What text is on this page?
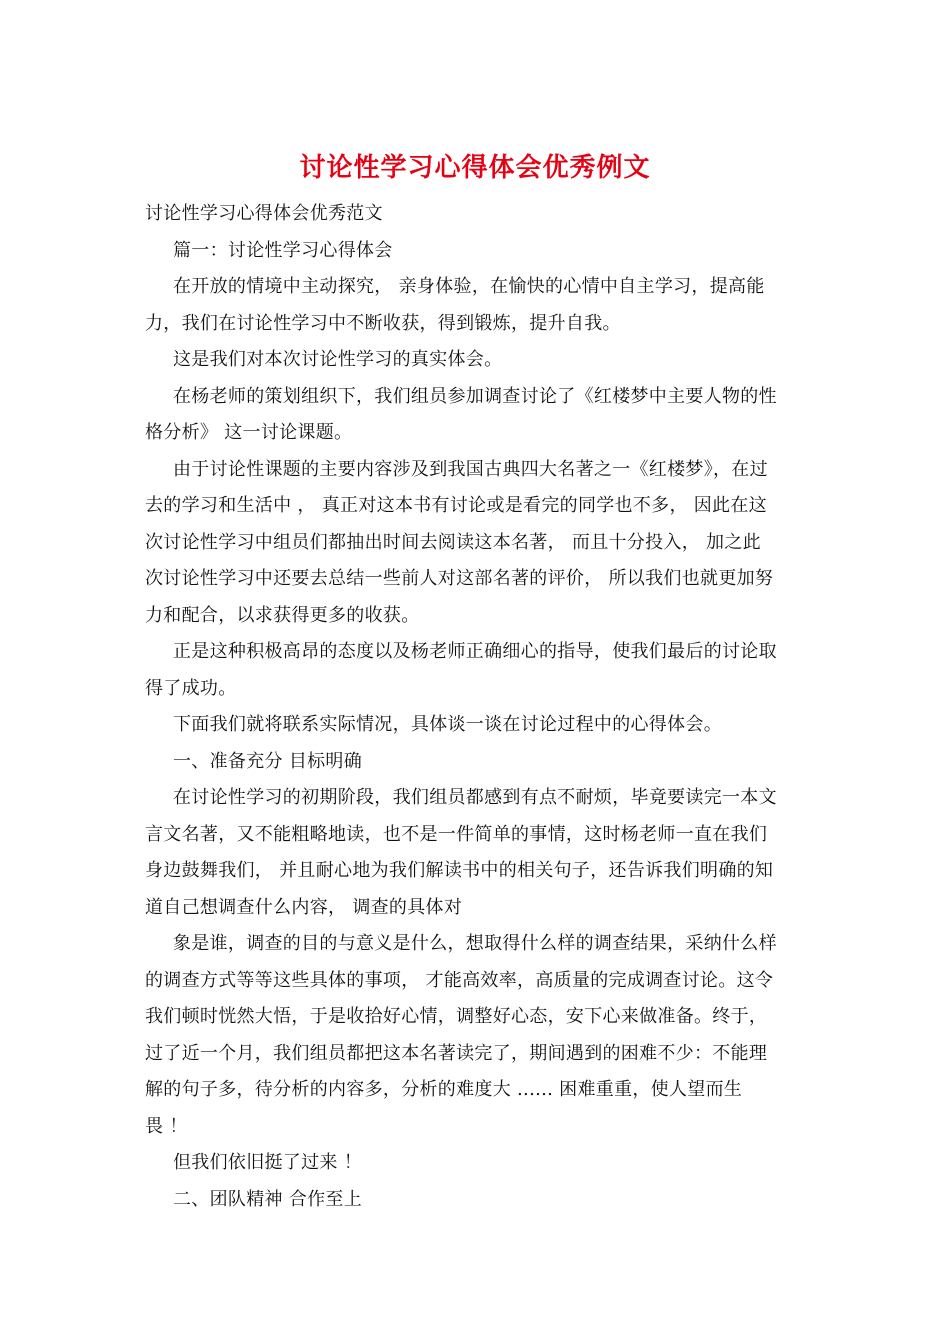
讨论性学习心得体会优秀例文
讨论性学习心得体会优秀范文
篇一：讨论性学习心得体会
在开放的情境中主动探究， 亲身体验，在愉快的心情中自主学习，提高能
力，我们在讨论性学习中不断收获，得到锻炼，提升自我。
这是我们对本次讨论性学习的真实体会。
在杨老师的策划组织下，我们组员参加调查讨论了《红楼梦中主要人物的性
格分析》 这一讨论课题。
由于讨论性课题的主要内容涉及到我国古典四大名著之一《红楼梦》，在过
去的学习和生活中 ， 真正对这本书有讨论或是看完的同学也不多， 因此在这
次讨论性学习中组员们都抽出时间去阅读这本名著， 而且十分投入， 加之此
次讨论性学习中还要去总结一些前人对这部名著的评价， 所以我们也就更加努
力和配合，以求获得更多的收获。
正是这种积极高昂的态度以及杨老师正确细心的指导，使我们最后的讨论取
得了成功。
下面我们就将联系实际情况，具体谈一谈在讨论过程中的心得体会。
一、准备充分 目标明确
在讨论性学习的初期阶段，我们组员都感到有点不耐烦，毕竟要读完一本文
言文名著，又不能粗略地读，也不是一件简单的事情，这时杨老师一直在我们
身边鼓舞我们， 并且耐心地为我们解读书中的相关句子，还告诉我们明确的知
道自己想调查什么内容， 调查的具体对
象是谁，调查的目的与意义是什么，想取得什么样的调查结果，采纳什么样
的调查方式等等这些具体的事项， 才能高效率，高质量的完成调查讨论。这令
我们顿时恍然大悟，于是收拾好心情，调整好心态，安下心来做准备。终于，
过了近一个月，我们组员都把这本名著读完了，期间遇到的困难不少：不能理
解的句子多，待分析的内容多，分析的难度大 ...... 困难重重，使人望而生
畏 ！
但我们依旧挺了过来 ！
二、团队精神 合作至上
